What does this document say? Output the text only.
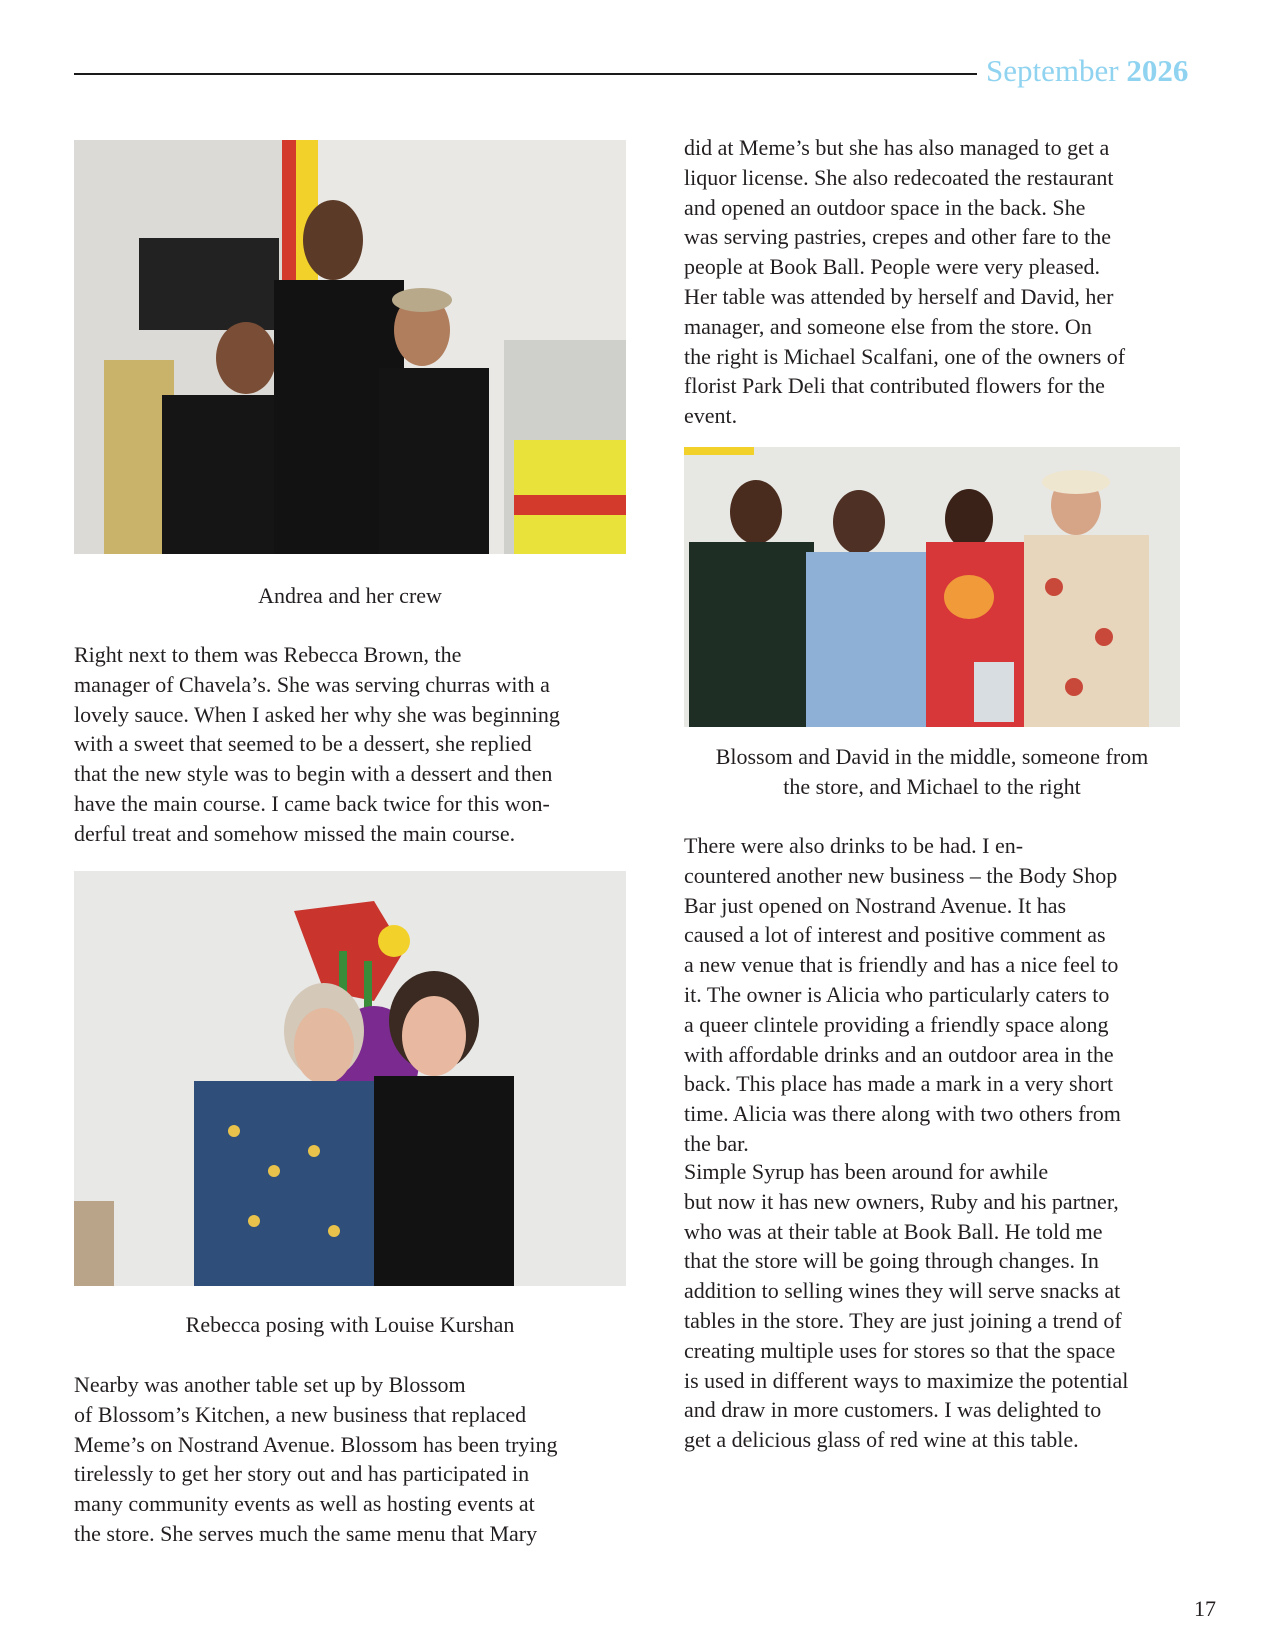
September 2026
Andrea and her crew

Right next to them was Rebecca Brown, the
manager of Chavela’s. She was serving churras with a
lovely sauce. When I asked her why she was beginning
with a sweet that seemed to be a dessert, she replied
that the new style was to begin with a dessert and then
have the main course. I came back twice for this won-
derful treat and somehow missed the main course.

Rebecca posing with Louise Kurshan

Nearby was another table set up by Blossom
of Blossom’s Kitchen, a new business that replaced
Meme’s on Nostrand Avenue. Blossom has been trying
tirelessly to get her story out and has participated in
many community events as well as hosting events at
the store. She serves much the same menu that Mary

did at Meme’s but she has also managed to get a
liquor license. She also redecoated the restaurant
and opened an outdoor space in the back. She
was serving pastries, crepes and other fare to the
people at Book Ball. People were very pleased.
Her table was attended by herself and David, her
manager, and someone else from the store. On
the right is Michael Scalfani, one of the owners of
florist Park Deli that contributed flowers for the
event.

Blossom and David in the middle, someone from
the store, and Michael to the right

There were also drinks to be had. I en-
countered another new business – the Body Shop
Bar just opened on Nostrand Avenue. It has
caused a lot of interest and positive comment as
a new venue that is friendly and has a nice feel to
it. The owner is Alicia who particularly caters to
a queer clintele providing a friendly space along
with affordable drinks and an outdoor area in the
back. This place has made a mark in a very short
time. Alicia was there along with two others from
the bar.

Simple Syrup has been around for awhile
but now it has new owners, Ruby and his partner,
who was at their table at Book Ball. He told me
that the store will be going through changes. In
addition to selling wines they will serve snacks at
tables in the store. They are just joining a trend of
creating multiple uses for stores so that the space
is used in different ways to maximize the potential
and draw in more customers. I was delighted to
get a delicious glass of red wine at this table.

17
